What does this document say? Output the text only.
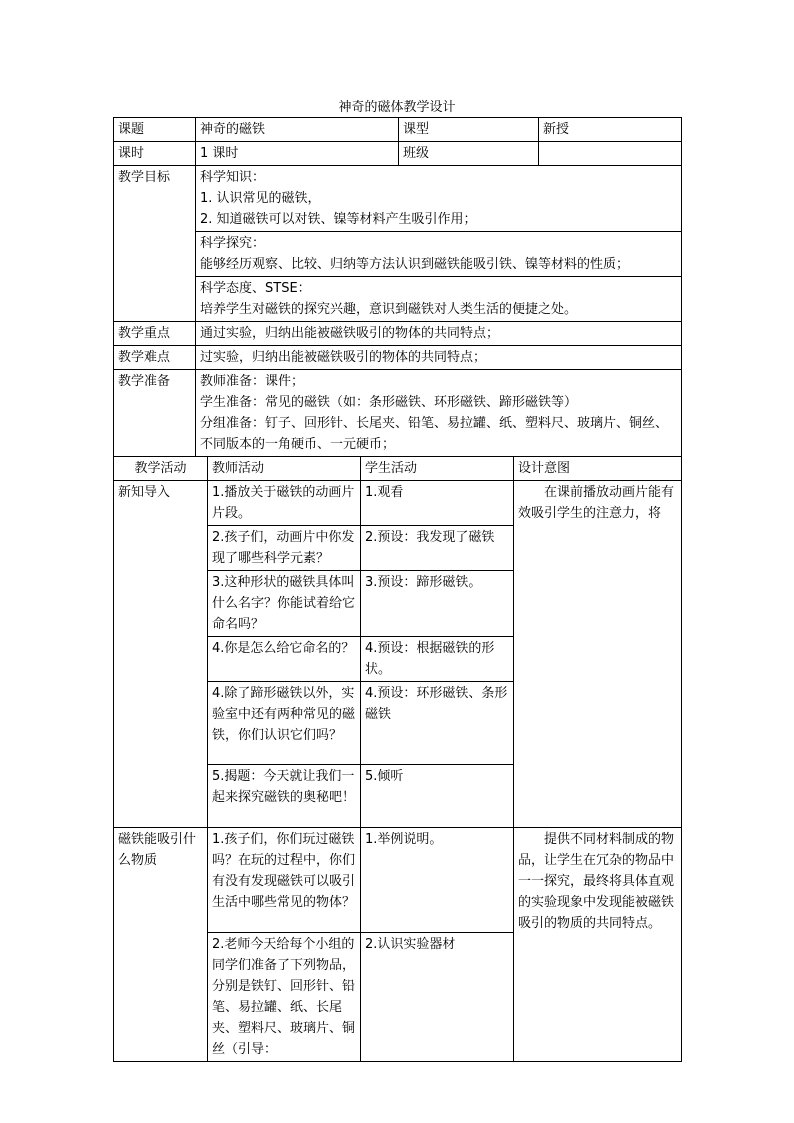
神奇的磁体教学设计
课题	神奇的磁铁	课型	新授
课时	1 课时	班级	
教学目标	科学知识：
1. 认识常见的磁铁，
2. 知道磁铁可以对铁、镍等材料产生吸引作用；		

	科学探究：
能够经历观察、比较、归纳等方法认识到磁铁能吸引铁、镍等材料的性质；		

	科学态度、STSE：
培养学生对磁铁的探究兴趣，意识到磁铁对人类生活的便捷之处。		

教学重点	通过实验，归纳出能被磁铁吸引的物体的共同特点；		
教学难点	过实验，归纳出能被磁铁吸引的物体的共同特点；		
教学准备	教师准备：课件；
学生准备：常见的磁铁（如：条形磁铁、环形磁铁、蹄形磁铁等）
分组准备：钉子、回形针、长尾夹、铅笔、易拉罐、纸、塑料尺、玻璃片、铜丝、不同版本的一角硬币、一元硬币；		
教学活动	教师活动	学生活动	设计意图
新知导入	1.播放关于磁铁的动画片片段。	1.观看	在课前播放动画片能有效吸引学生的注意力，将
	2.孩子们，动画片中你发现了哪些科学元素？	2.预设：我发现了磁铁	
	3.这种形状的磁铁具体叫什么名字？你能试着给它命名吗？	3.预设：蹄形磁铁。	
	4.你是怎么给它命名的？	4.预设：根据磁铁的形状。	
	4.除了蹄形磁铁以外，实验室中还有两种常见的磁铁，你们认识它们吗？	4.预设：环形磁铁、条形磁铁	
	5.揭题：今天就让我们一起来探究磁铁的奥秘吧！	5.倾听	
磁铁能吸引什么物质	1.孩子们，你们玩过磁铁吗？在玩的过程中，你们有没有发现磁铁可以吸引生活中哪些常见的物体？	1.举例说明。	提供不同材料制成的物品，让学生在冗杂的物品中一一探究，最终将具体直观的实验现象中发现能被磁铁吸引的物质的共同特点。
	2.老师今天给每个小组的同学们准备了下列物品，分别是铁钉、回形针、铅笔、易拉罐、纸、长尾夹、塑料尺、玻璃片、铜丝（引导：	2.认识实验器材	
